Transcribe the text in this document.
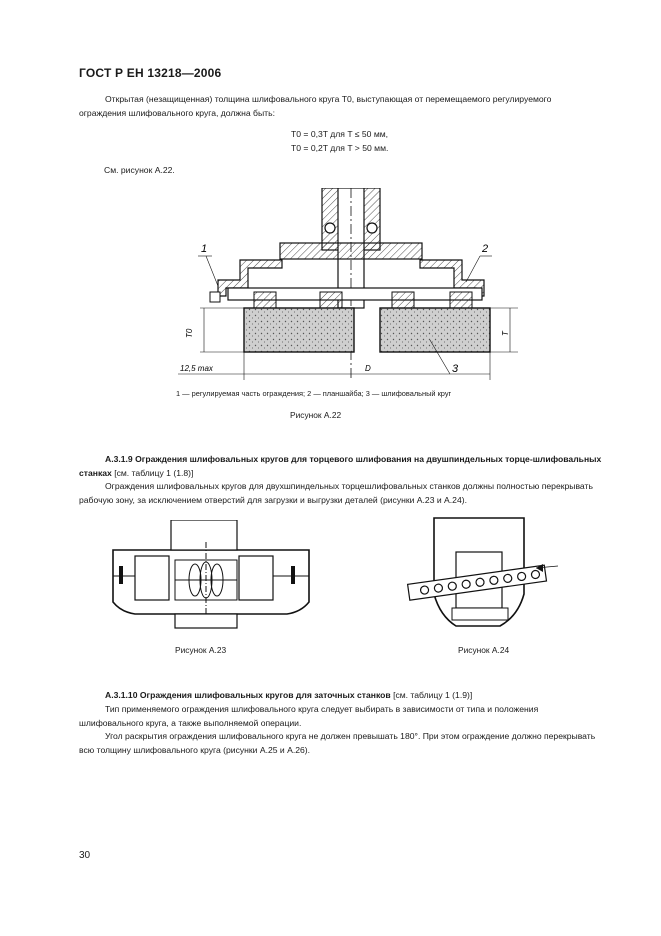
ГОСТ Р ЕН 13218—2006
Открытая (незащищенная) толщина шлифовального круга T0, выступающая от перемещаемого регулируемого ограждения шлифовального круга, должна быть:
T0 = 0,3T для T ≤ 50 мм,
T0 = 0,2T для T > 50 мм.
См. рисунок А.22.
1	2
3
T0	T
12,5 max	D
1 — регулируемая часть ограждения; 2 — планшайба; 3 — шлифовальный круг
Рисунок А.22
А.3.1.9 Ограждения шлифовальных кругов для торцевого шлифования на двушпиндельных торце-шлифовальных станках [см. таблицу 1 (1.8)]
Ограждения шлифовальных кругов для двухшпиндельных торцешлифовальных станков должны полностью перекрывать рабочую зону, за исключением отверстий для загрузки и выгрузки деталей (рисунки А.23 и А.24).
Рисунок А.23	Рисунок А.24
А.3.1.10 Ограждения шлифовальных кругов для заточных станков [см. таблицу 1 (1.9)]
Тип применяемого ограждения шлифовального круга следует выбирать в зависимости от типа и положения шлифовального круга, а также выполняемой операции.
Угол раскрытия ограждения шлифовального круга не должен превышать 180°. При этом ограждение должно перекрывать всю толщину шлифовального круга (рисунки А.25 и А.26).
30
